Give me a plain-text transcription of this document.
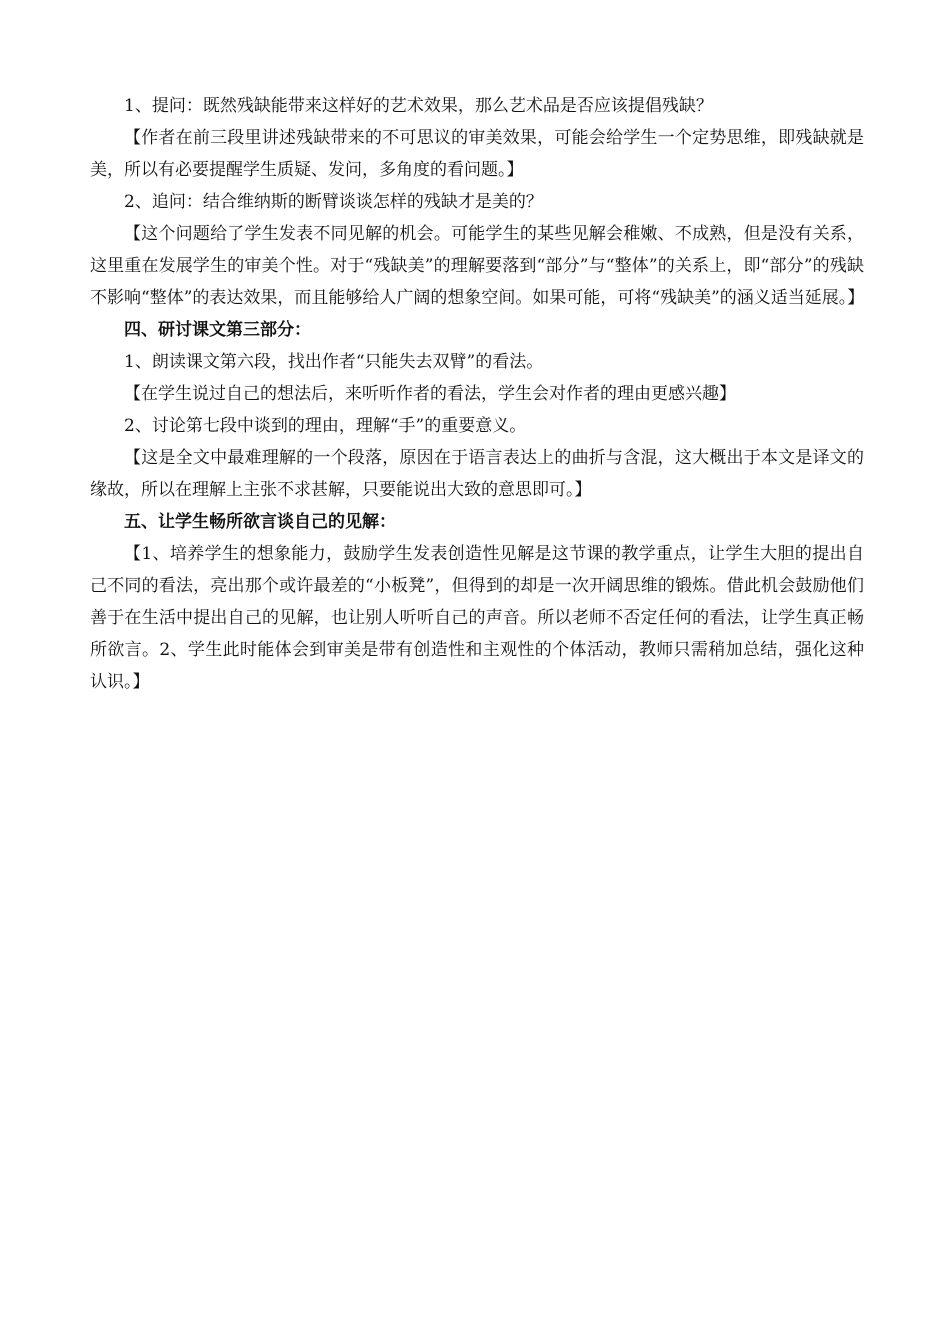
1、提问：既然残缺能带来这样好的艺术效果，那么艺术品是否应该提倡残缺？

【作者在前三段里讲述残缺带来的不可思议的审美效果，可能会给学生一个定势思维，即残缺就是美，所以有必要提醒学生质疑、发问，多角度的看问题。】

2、追问：结合维纳斯的断臂谈谈怎样的残缺才是美的？

【这个问题给了学生发表不同见解的机会。可能学生的某些见解会稚嫩、不成熟，但是没有关系，这里重在发展学生的审美个性。对于“残缺美”的理解要落到“部分”与“整体”的关系上，即“部分”的残缺不影响“整体”的表达效果，而且能够给人广阔的想象空间。如果可能，可将“残缺美”的涵义适当延展。】

四、研讨课文第三部分：

1、朗读课文第六段，找出作者“只能失去双臂”的看法。

【在学生说过自己的想法后，来听听作者的看法，学生会对作者的理由更感兴趣】

2、讨论第七段中谈到的理由，理解“手”的重要意义。

【这是全文中最难理解的一个段落，原因在于语言表达上的曲折与含混，这大概出于本文是译文的缘故，所以在理解上主张不求甚解，只要能说出大致的意思即可。】

五、让学生畅所欲言谈自己的见解：

【1、培养学生的想象能力，鼓励学生发表创造性见解是这节课的教学重点，让学生大胆的提出自己不同的看法，亮出那个或许最差的“小板凳”，但得到的却是一次开阔思维的锻炼。借此机会鼓励他们善于在生活中提出自己的见解，也让别人听听自己的声音。所以老师不否定任何的看法，让学生真正畅所欲言。2、学生此时能体会到审美是带有创造性和主观性的个体活动，教师只需稍加总结，强化这种认识。】
